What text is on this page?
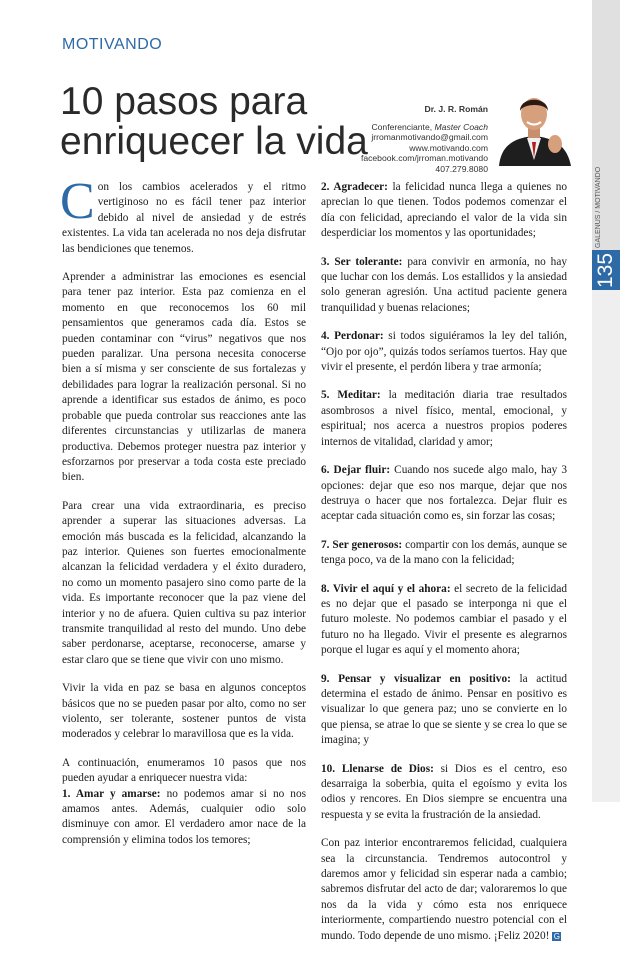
MOTIVANDO
10 pasos para enriquecer la vida
Dr. J. R. Román
Conferenciante, Master Coach
jrromanmotivando@gmail.com
www.motivando.com
facebook.com/jrroman.motivando
407.279.8080	GALENUS / MOTIVANDO
135

Con los cambios acelerados y el ritmo vertiginoso no es fácil tener paz interior debido al nivel de ansiedad y de estrés existentes. La vida tan acelerada no nos deja disfrutar las bendiciones que tenemos.

Aprender a administrar las emociones es esencial para tener paz interior. Esta paz comienza en el momento en que reconocemos los 60 mil pensamientos que generamos cada día. Estos se pueden contaminar con “virus” negativos que nos pueden paralizar. Una persona necesita conocerse bien a sí misma y ser consciente de sus fortalezas y debilidades para lograr la realización personal. Si no aprende a identificar sus estados de ánimo, es poco probable que pueda controlar sus reacciones ante las diferentes circunstancias y utilizarlas de manera productiva. Debemos proteger nuestra paz interior y esforzarnos por preservar a toda costa este preciado bien.

Para crear una vida extraordinaria, es preciso aprender a superar las situaciones adversas. La emoción más buscada es la felicidad, alcanzando la paz interior. Quienes son fuertes emocionalmente alcanzan la felicidad verdadera y el éxito duradero, no como un momento pasajero sino como parte de la vida. Es importante reconocer que la paz viene del interior y no de afuera. Quien cultiva su paz interior transmite tranquilidad al resto del mundo. Uno debe saber perdonarse, aceptarse, reconocerse, amarse y estar claro que se tiene que vivir con uno mismo.

Vivir la vida en paz se basa en algunos conceptos básicos que no se pueden pasar por alto, como no ser violento, ser tolerante, sostener puntos de vista moderados y celebrar lo maravillosa que es la vida.

A continuación, enumeramos 10 pasos que nos pueden ayudar a enriquecer nuestra vida:

1. Amar y amarse: no podemos amar si no nos amamos antes. Además, cualquier odio solo disminuye con amor. El verdadero amor nace de la comprensión y elimina todos los temores;

2. Agradecer: la felicidad nunca llega a quienes no aprecian lo que tienen. Todos podemos comenzar el día con felicidad, apreciando el valor de la vida sin desperdiciar los momentos y las oportunidades;

3. Ser tolerante: para convivir en armonía, no hay que luchar con los demás. Los estallidos y la ansiedad solo generan agresión. Una actitud paciente genera tranquilidad y buenas relaciones;

4. Perdonar: si todos siguiéramos la ley del talión, “Ojo por ojo”, quizás todos seríamos tuertos. Hay que vivir el presente, el perdón libera y trae armonía;

5. Meditar: la meditación diaria trae resultados asombrosos a nivel físico, mental, emocional, y espiritual; nos acerca a nuestros propios poderes internos de vitalidad, claridad y amor;

6. Dejar fluir: Cuando nos sucede algo malo, hay 3 opciones: dejar que eso nos marque, dejar que nos destruya o hacer que nos fortalezca. Dejar fluir es aceptar cada situación como es, sin forzar las cosas;

7. Ser generosos: compartir con los demás, aunque se tenga poco, va de la mano con la felicidad;

8. Vivir el aquí y el ahora: el secreto de la felicidad es no dejar que el pasado se interponga ni que el futuro moleste. No podemos cambiar el pasado y el futuro no ha llegado. Vivir el presente es alegrarnos porque el lugar es aquí y el momento ahora;

9. Pensar y visualizar en positivo: la actitud determina el estado de ánimo. Pensar en positivo es visualizar lo que genera paz; uno se convierte en lo que piensa, se atrae lo que se siente y se crea lo que se imagina; y

10. Llenarse de Dios: si Dios es el centro, eso desarraiga la soberbia, quita el egoísmo y evita los odios y rencores. En Dios siempre se encuentra una respuesta y se evita la frustración de la ansiedad.

Con paz interior encontraremos felicidad, cualquiera sea la circunstancia. Tendremos autocontrol y daremos amor y felicidad sin esperar nada a cambio; sabremos disfrutar del acto de dar; valoraremos lo que nos da la vida y cómo esta nos enriquece interiormente, compartiendo nuestro potencial con el mundo. Todo depende de uno mismo. ¡Feliz 2020! G
